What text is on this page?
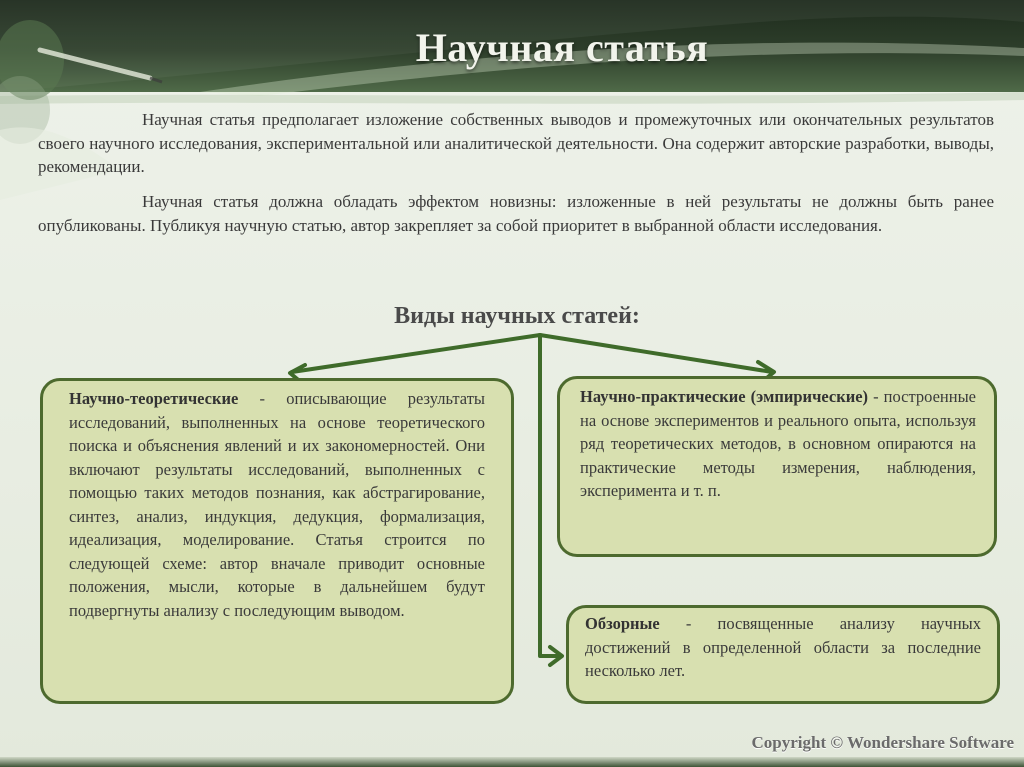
Научная статья
Научная статья предполагает изложение собственных выводов и промежуточных или окончательных результатов своего научного исследования, экспериментальной или аналитической деятельности. Она содержит авторские разработки, выводы, рекомендации.
Научная статья должна обладать эффектом новизны: изложенные в ней результаты не должны быть ранее опубликованы. Публикуя научную статью, автор закрепляет за собой приоритет в выбранной области исследования.
Виды научных статей:
Научно-теоретические - описывающие результаты исследований, выполненных на основе теоретического поиска и объяснения явлений и их закономерностей. Они включают результаты исследований, выполненных с помощью таких методов познания, как абстрагирование, синтез, анализ, индукция, дедукция, формализация, идеализация, моделирование. Статья строится по следующей схеме: автор вначале приводит основные положения, мысли, которые в дальнейшем будут подвергнуты анализу с последующим выводом.
Научно-практические (эмпирические) - построенные на основе экспериментов и реального опыта, используя ряд теоретических методов, в основном опираются на практические методы измерения, наблюдения, эксперимента и т. п.
Обзорные - посвященные анализу научных достижений в определенной области за последние несколько лет.
Copyright © Wondershare Software
